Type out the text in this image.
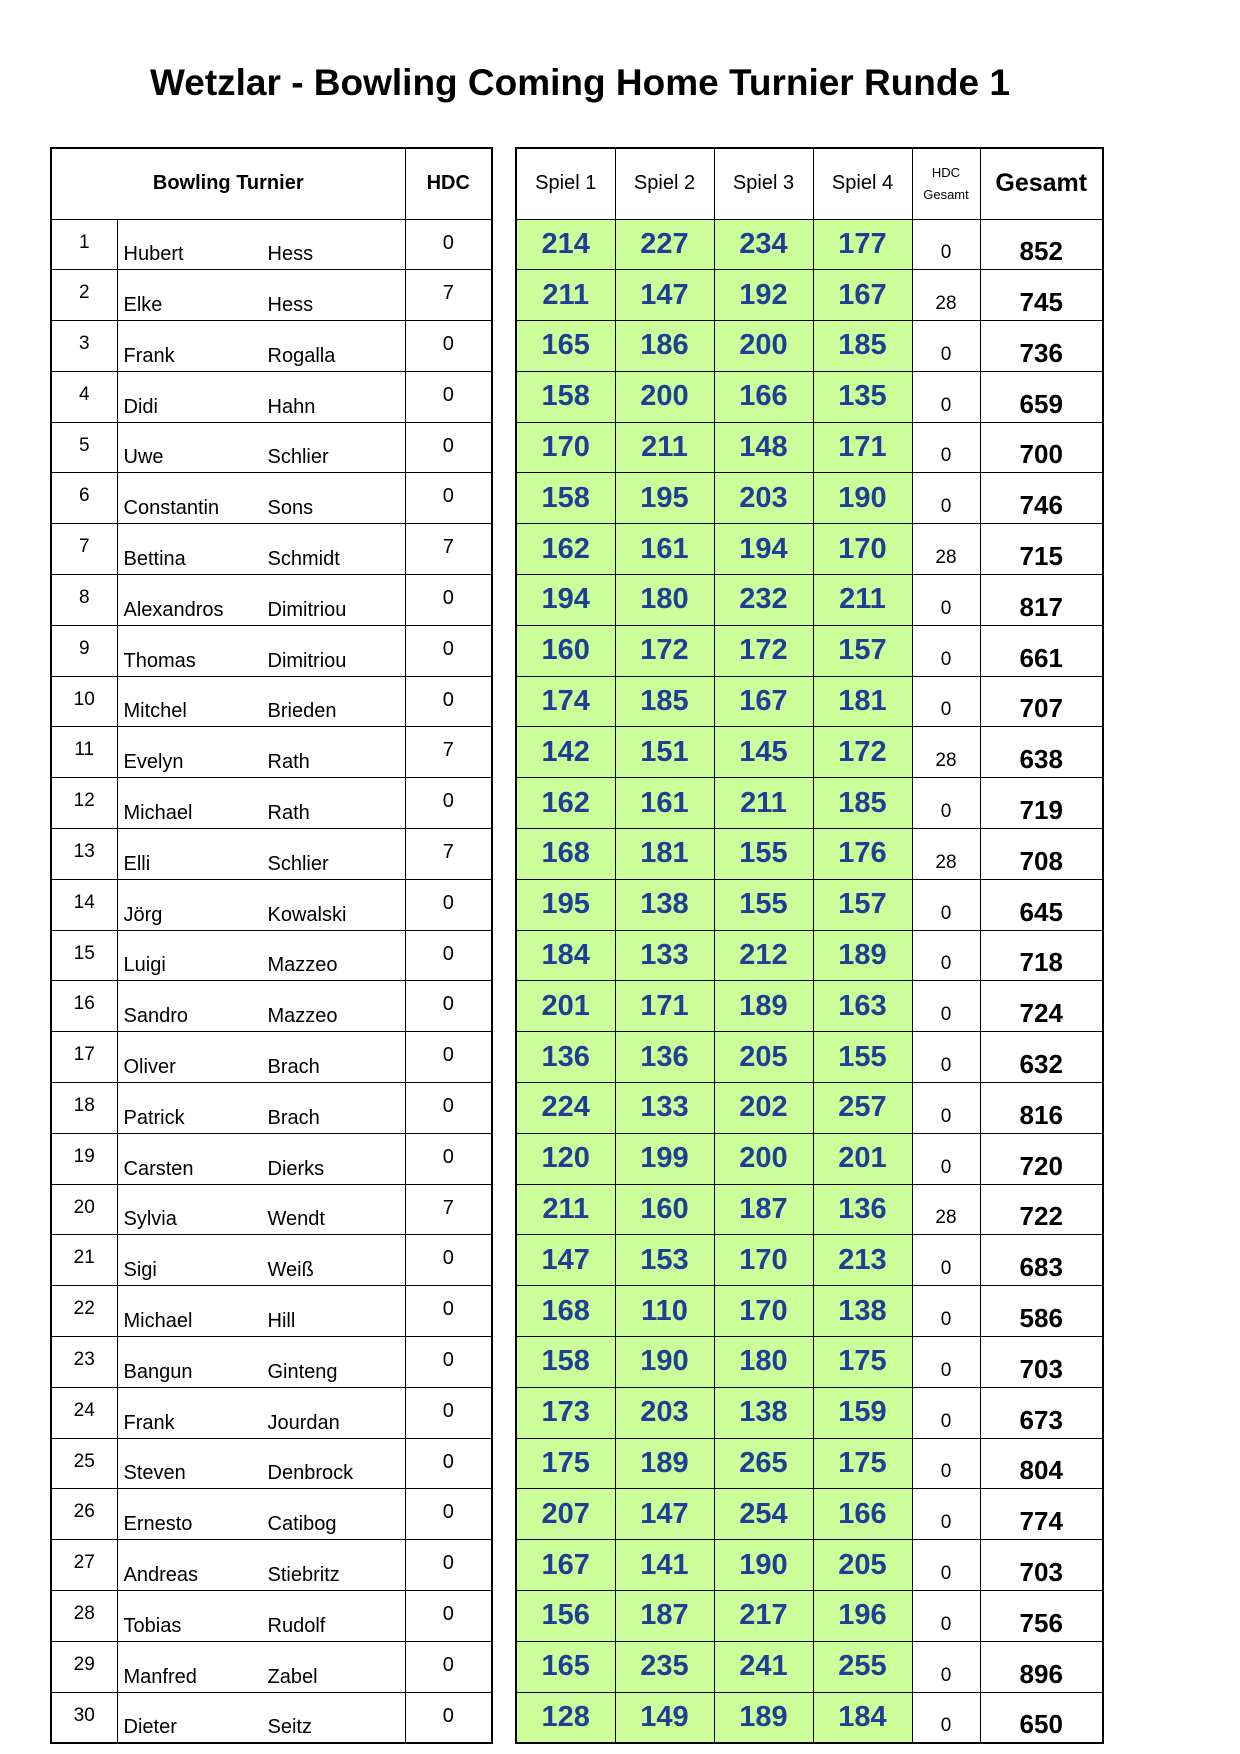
Wetzlar - Bowling Coming Home Turnier Runde 1
Bowling Turnier		HDC
1	Hubert Hess	0
2	Elke Hess	7
3	Frank Rogalla	0
4	Didi Hahn	0
5	Uwe Schlier	0
6	Constantin Sons	0
7	Bettina Schmidt	7
8	Alexandros Dimitriou	0
9	Thomas Dimitriou	0
10	Mitchel Brieden	0
11	Evelyn Rath	7
12	Michael Rath	0
13	Elli Schlier	7
14	Jörg Kowalski	0
15	Luigi Mazzeo	0
16	Sandro Mazzeo	0
17	Oliver Brach	0
18	Patrick Brach	0
19	Carsten Dierks	0
20	Sylvia Wendt	7
21	Sigi Weiß	0
22	Michael Hill	0
23	Bangun Ginteng	0
24	Frank Jourdan	0
25	Steven Denbrock	0
26	Ernesto Catibog	0
27	Andreas Stiebritz	0
28	Tobias Rudolf	0
29	Manfred Zabel	0
30	Dieter Seitz	0
Spiel 1	Spiel 2	Spiel 3	Spiel 4	HDC
Gesamt	Gesamt
214	227	234	177	0	852
211	147	192	167	28	745
165	186	200	185	0	736
158	200	166	135	0	659
170	211	148	171	0	700
158	195	203	190	0	746
162	161	194	170	28	715
194	180	232	211	0	817
160	172	172	157	0	661
174	185	167	181	0	707
142	151	145	172	28	638
162	161	211	185	0	719
168	181	155	176	28	708
195	138	155	157	0	645
184	133	212	189	0	718
201	171	189	163	0	724
136	136	205	155	0	632
224	133	202	257	0	816
120	199	200	201	0	720
211	160	187	136	28	722
147	153	170	213	0	683
168	110	170	138	0	586
158	190	180	175	0	703
173	203	138	159	0	673
175	189	265	175	0	804
207	147	254	166	0	774
167	141	190	205	0	703
156	187	217	196	0	756
165	235	241	255	0	896
128	149	189	184	0	650
